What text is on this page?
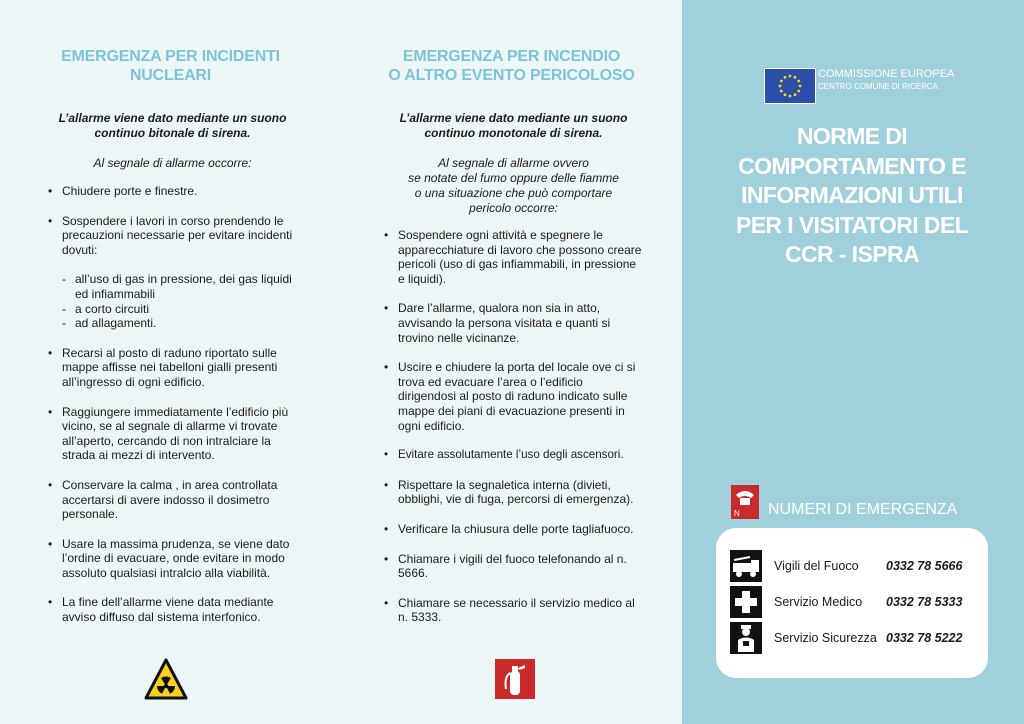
EMERGENZA PER INCIDENTI
NUCLEARI
L’allarme viene dato mediante un suono
continuo bitonale di sirena.
Al segnale di allarme occorre:
• Chiudere porte e finestre.
• Sospendere i lavori in corso prendendo le precauzioni necessarie per evitare incidenti dovuti:
- all’uso di gas in pressione, dei gas liquidi ed infiammabili
- a corto circuiti
- ad allagamenti.
• Recarsi al posto di raduno riportato sulle mappe affisse nei tabelloni gialli presenti all’ingresso di ogni edificio.
• Raggiungere immediatamente l’edificio più vicino, se al segnale di allarme vi trovate all’aperto, cercando di non intralciare la strada ai mezzi di intervento.
• Conservare la calma , in area controllata accertarsi di avere indosso il dosimetro personale.
• Usare la massima prudenza, se viene dato l’ordine di evacuare, onde evitare in modo assoluto qualsiasi intralcio alla viabilità.
• La fine dell’allarme viene data mediante avviso diffuso dal sistema interfonico.
EMERGENZA PER INCENDIO
O ALTRO EVENTO PERICOLOSO
L’allarme viene dato mediante un suono
continuo monotonale di sirena.
Al segnale di allarme ovvero
se notate del fumo oppure delle fiamme
o una situazione che può comportare
pericolo occorre:
• Sospendere ogni attività e spegnere le apparecchiature di lavoro che possono creare pericoli (uso di gas infiammabili, in pressione e liquidi).
• Dare l’allarme, qualora non sia in atto, avvisando la persona visitata e quanti si trovino nelle vicinanze.
• Uscire e chiudere la porta del locale ove ci si trova ed evacuare l’area o l’edificio dirigendosi al posto di raduno indicato sulle mappe dei piani di evacuazione presenti in ogni edificio.
• Evitare assolutamente l’uso degli ascensori.
• Rispettare la segnaletica interna (divieti, obblighi, vie di fuga, percorsi di emergenza).
• Verificare la chiusura delle porte tagliafuoco.
• Chiamare i vigili del fuoco telefonando al n. 5666.
• Chiamare se necessario il servizio medico al n. 5333.
COMMISSIONE EUROPEA
CENTRO COMUNE DI RICERCA
NORME DI
COMPORTAMENTO E
INFORMAZIONI UTILI
PER I VISITATORI DEL
CCR - ISPRA
N NUMERI DI EMERGENZA
Vigili del Fuoco 0332 78 5666
Servizio Medico 0332 78 5333
Servizio Sicurezza 0332 78 5222
